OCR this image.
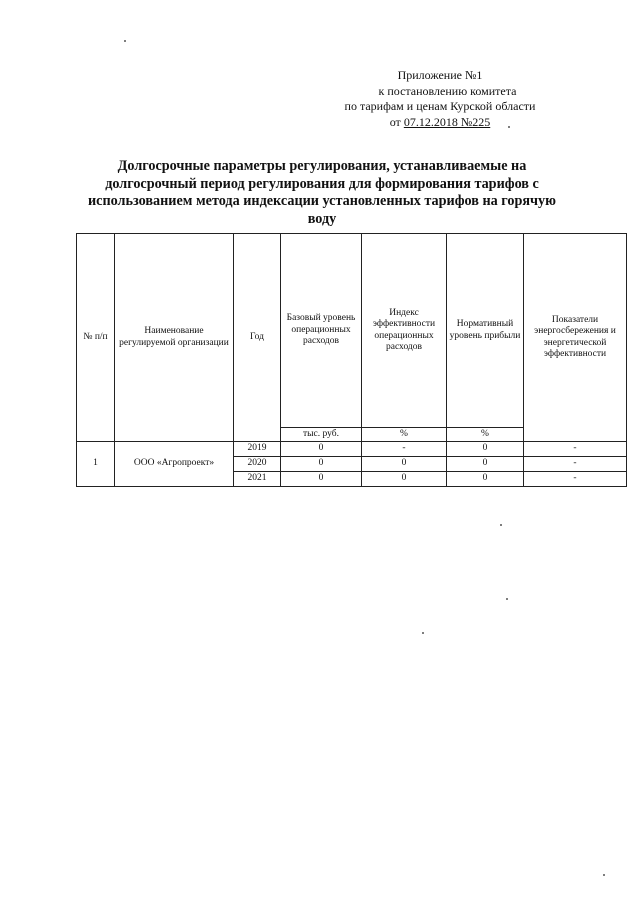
Приложение №1
к постановлению комитета
по тарифам и ценам Курской области
от 07.12.2018 №225
Долгосрочные параметры регулирования, устанавливаемые на
долгосрочный период регулирования для формирования тарифов с
использованием метода индексации установленных тарифов на горячую
воду
№ п/п	Наименование регулируемой организации	Год	Базовый уровень операционных расходов	Индекс эффективности операционных расходов	Нормативный уровень прибыли	Показатели энергосбережения и энергетической эффективности
			тыс. руб.	%	%	
1	ООО «Агропроект»	2019	0	-	0	-
		2020	0	0	0	-
		2021	0	0	0	-
